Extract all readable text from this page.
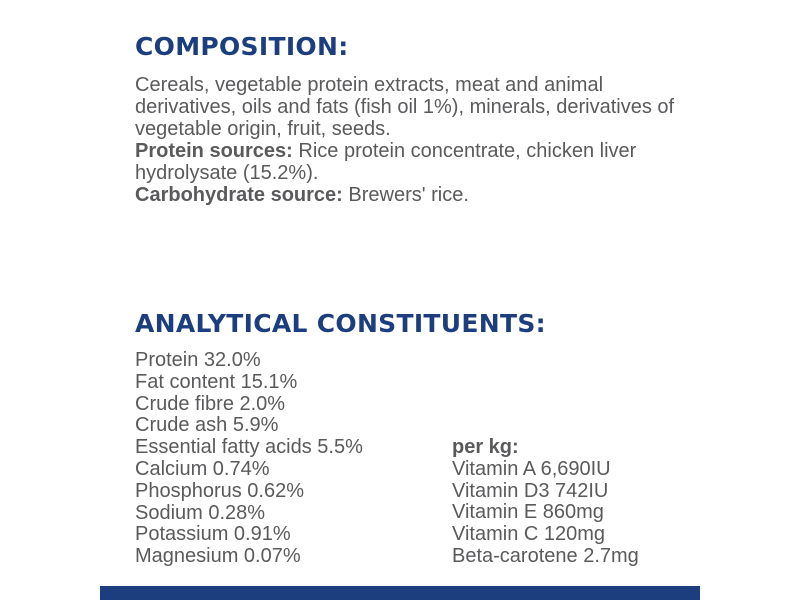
COMPOSITION:

Cereals, vegetable protein extracts, meat and animal derivatives, oils and fats (fish oil 1%), minerals, derivatives of vegetable origin, fruit, seeds.

Protein sources: Rice protein concentrate, chicken liver hydrolysate (15.2%).

Carbohydrate source: Brewers' rice.

ANALYTICAL CONSTITUENTS:
Protein 32.0%
Fat content 15.1%
Crude fibre 2.0%
Crude ash 5.9%
Essential fatty acids 5.5%
Calcium 0.74%
Phosphorus 0.62%
Sodium 0.28%
Potassium 0.91%
Magnesium 0.07%
per kg:
Vitamin A 6,690IU
Vitamin D3 742IU
Vitamin E 860mg
Vitamin C 120mg
Beta-carotene 2.7mg
